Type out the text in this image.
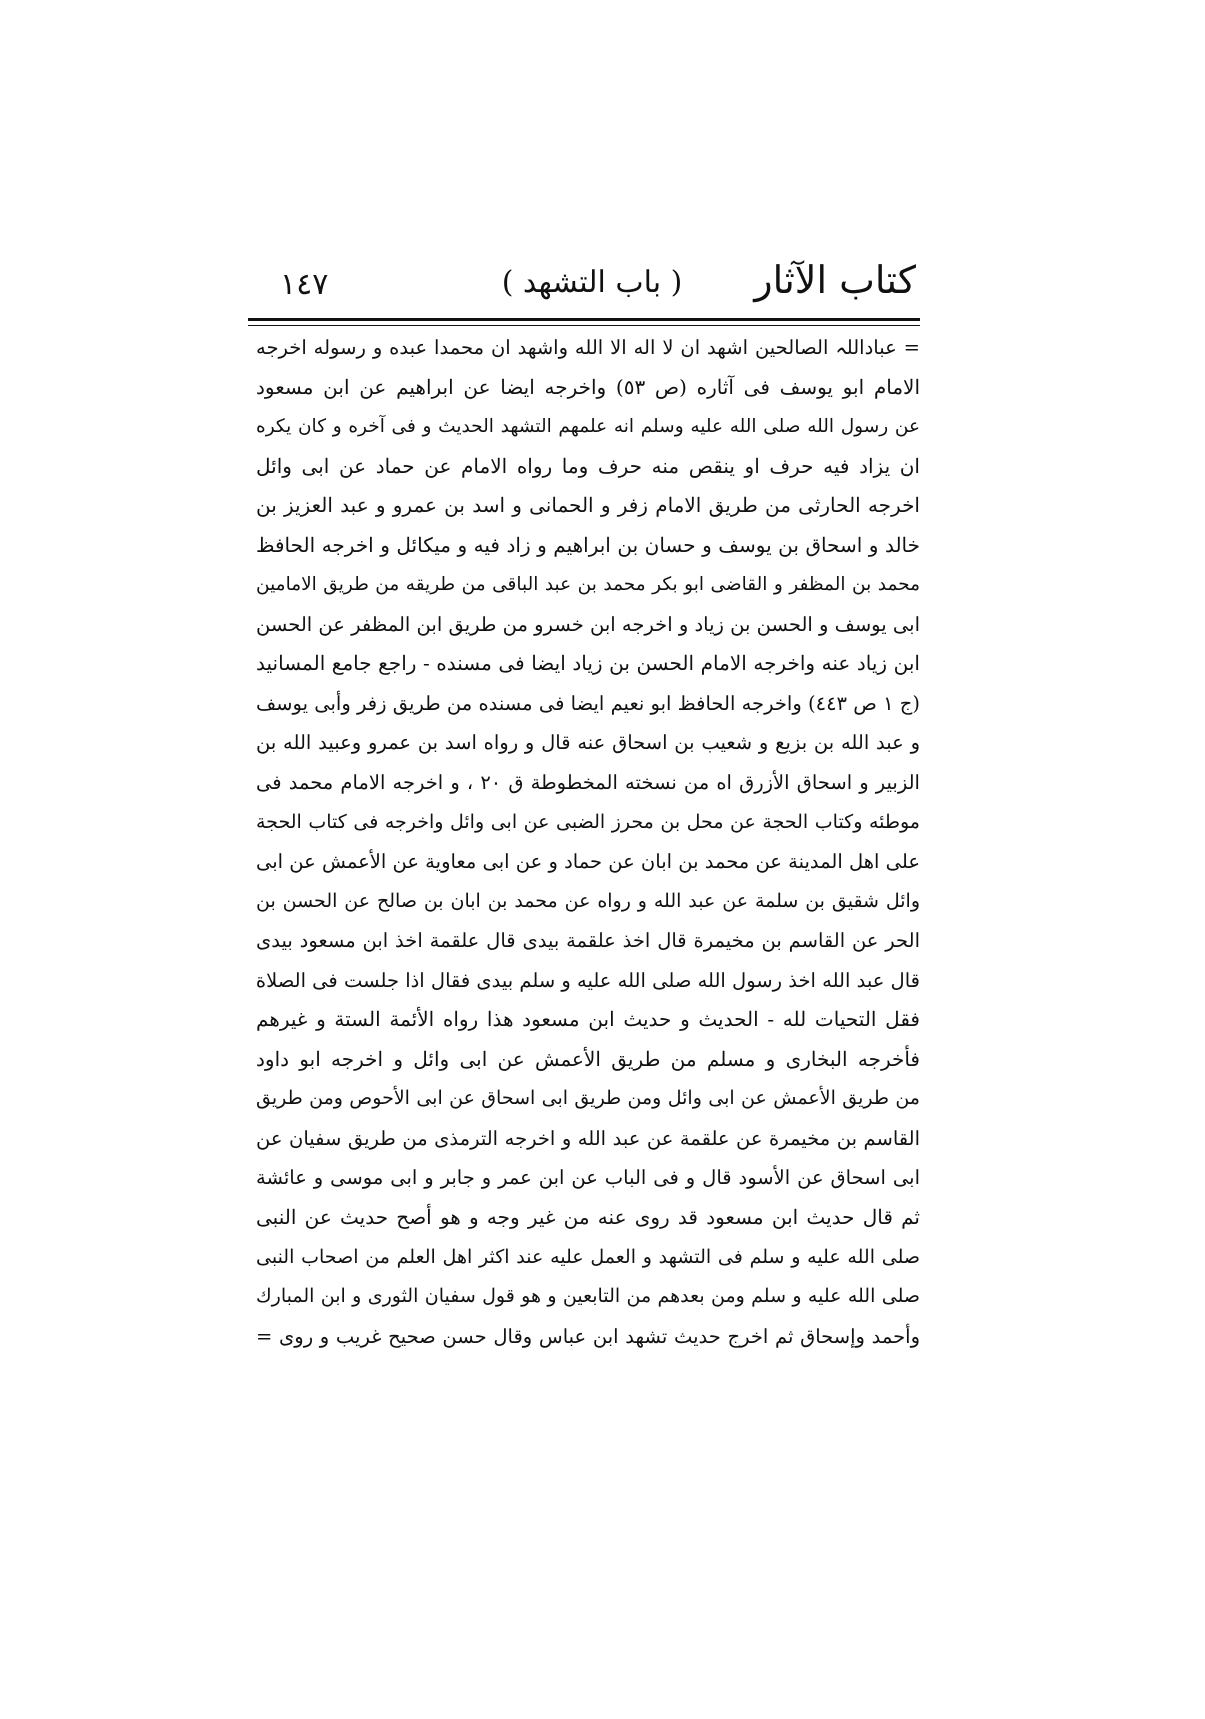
كتاب الآثار
( باب التشهد )
١٤٧
= عباداللہ الصالحین اشهد ان لا اله الا الله واشهد ان محمدا عبده و رسوله اخرجه
الامام ابو يوسف فی آثاره (ص ٥٣) واخرجه ايضا عن ابراهيم عن ابن مسعود
عن رسول الله صلی الله عليه وسلم انه علمهم التشهد الحديث و فی آخره و كان يكره
ان يزاد فيه حرف او ينقص منه حرف وما رواه الامام عن حماد عن ابی وائل
اخرجه الحارثی من طريق الامام زفر و الحمانی و اسد بن عمرو و عبد العزيز بن
خالد و اسحاق بن يوسف و حسان بن ابراهيم و زاد فيه و ميكائل و اخرجه الحافظ
محمد بن المظفر و القاضی ابو بكر محمد بن عبد الباقی من طريقه من طريق الامامين
ابی يوسف و الحسن بن زياد و اخرجه ابن خسرو من طريق ابن المظفر عن الحسن
ابن زياد عنه واخرجه الامام الحسن بن زياد ايضا فی مسنده - راجع جامع المسانيد
(ج ١ ص ٤٤٣) واخرجه الحافظ ابو نعيم ايضا فی مسنده من طريق زفر وأبی يوسف
و عبد الله بن بزيع و شعيب بن اسحاق عنه قال و رواه اسد بن عمرو وعبيد الله بن
الزبير و اسحاق الأزرق اه من نسخته المخطوطة ق ٢٠ ، و اخرجه الامام محمد فی
موطئه وكتاب الحجة عن محل بن محرز الضبی عن ابی وائل واخرجه فی كتاب الحجة
علی اهل المدينة عن محمد بن ابان عن حماد و عن ابی معاوية عن الأعمش عن ابی
وائل شقيق بن سلمة عن عبد الله و رواه عن محمد بن ابان بن صالح عن الحسن بن
الحر عن القاسم بن مخيمرة قال اخذ علقمة بيدی قال علقمة اخذ ابن مسعود بيدی
قال عبد الله اخذ رسول الله صلی الله عليه و سلم بيدی فقال اذا جلست فی الصلاة
فقل التحيات لله - الحديث و حديث ابن مسعود هذا رواه الأئمة الستة و غيرهم
فأخرجه البخاری و مسلم من طريق الأعمش عن ابی وائل و اخرجه ابو داود
من طريق الأعمش عن ابی وائل ومن طريق ابی اسحاق عن ابی الأحوص ومن طريق
القاسم بن مخيمرة عن علقمة عن عبد الله و اخرجه الترمذی من طريق سفيان عن
ابی اسحاق عن الأسود قال و فی الباب عن ابن عمر و جابر و ابی موسی و عائشة
ثم قال حديث ابن مسعود قد روی عنه من غير وجه و هو أصح حديث عن النبی
صلی الله عليه و سلم فی التشهد و العمل عليه عند اكثر اهل العلم من اصحاب النبی
صلی الله عليه و سلم ومن بعدهم من التابعين و هو قول سفيان الثوری و ابن المبارك
وأحمد وإسحاق ثم اخرج حديث تشهد ابن عباس وقال حسن صحيح غريب و روی =
